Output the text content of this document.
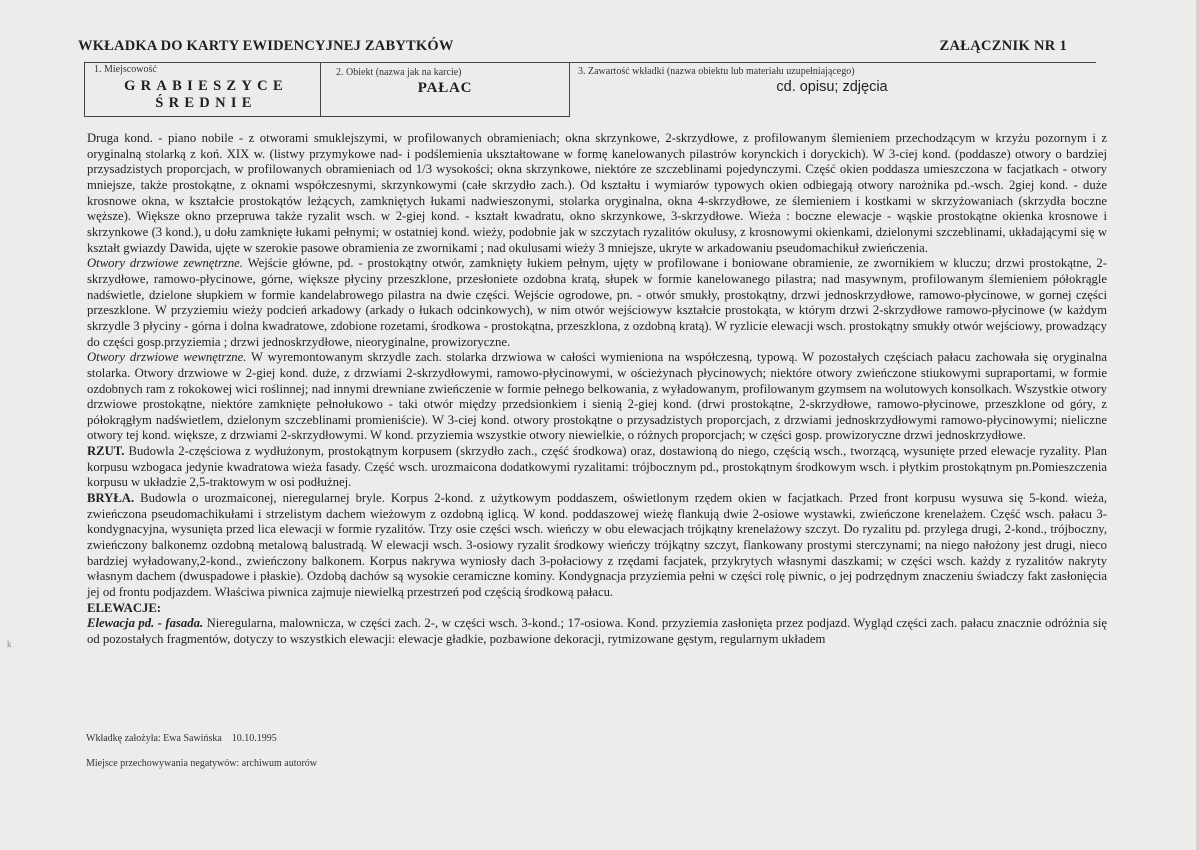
WKŁADKA DO KARTY EWIDENCYJNEJ ZABYTKÓW	ZAŁĄCZNIK NR 1
1. Miejscowość
GRABIESZYCE
ŚREDNIE
2. Obiekt (nazwa jak na karcie)
PAŁAC
3. Zawartość wkładki (nazwa obiektu lub materiału uzupełniającego)
cd. opisu; zdjęcia

Druga kond. - piano nobile - z otworami smuklejszymi, w profilowanych obramieniach; okna skrzynkowe, 2-skrzydłowe, z profilowanym ślemieniem przechodzącym w krzyżu pozornym i z oryginalną stolarką z koń. XIX w. (listwy przymykowe nad- i podślemienia ukształtowane w formę kanelowanych pilastrów korynckich i doryckich). W 3-ciej kond. (poddasze) otwory o bardziej przysadzistych proporcjach, w profilowanych obramieniach od 1/3 wysokości; okna skrzynkowe, niektóre ze szczeblinami pojedynczymi. Część okien poddasza umieszczona w facjatkach - otwory mniejsze, także prostokątne, z oknami współczesnymi, skrzynkowymi (całe skrzydło zach.). Od kształtu i wymiarów typowych okien odbiegają otwory narożnika pd.-wsch. 2giej kond. - duże krosnowe okna, w kształcie prostokątów leżących, zamkniętych łukami nadwieszonymi, stolarka oryginalna, okna 4-skrzydłowe, ze ślemieniem i kostkami w skrzyżowaniach (skrzydła boczne węższe). Większe okno przepruwa także ryzalit wsch. w 2-giej kond. - kształt kwadratu, okno skrzynkowe, 3-skrzydłowe. Wieża : boczne elewacje - wąskie prostokątne okienka krosnowe i skrzynkowe (3 kond.), u dołu zamknięte łukami pełnymi; w ostatniej kond. wieży, podobnie jak w szczytach ryzalitów okulusy, z krosnowymi okienkami, dzielonymi szczeblinami, układającymi się w kształt gwiazdy Dawida, ujęte w szerokie pasowe obramienia ze zwornikami ; nad okulusami wieży 3 mniejsze, ukryte w arkadowaniu pseudomachikuł zwieńczenia.

Otwory drzwiowe zewnętrzne. Wejście główne, pd. - prostokątny otwór, zamknięty łukiem pełnym, ujęty w profilowane i boniowane obramienie, ze zwornikiem w kluczu; drzwi prostokątne, 2-skrzydłowe, ramowo-płycinowe, górne, większe płyciny przeszklone, przesłoniete ozdobna kratą, słupek w formie kanelowanego pilastra; nad masywnym, profilowanym ślemieniem półokrągle nadświetle, dzielone słupkiem w formie kandelabrowego pilastra na dwie części. Wejście ogrodowe, pn. - otwór smukły, prostokątny, drzwi jednoskrzydłowe, ramowo-płycinowe, w gornej części przeszklone. W przyziemiu wieży podcień arkadowy (arkady o łukach odcinkowych), w nim otwór wejściowyw kształcie prostokąta, w którym drzwi 2-skrzydłowe ramowo-płycinowe (w każdym skrzydle 3 płyciny - górna i dolna kwadratowe, zdobione rozetami, środkowa - prostokątna, przeszklona, z ozdobną kratą). W ryzlicie elewacji wsch. prostokątny smukły otwór wejściowy, prowadzący do części gosp.przyziemia ; drzwi jednoskrzydłowe, nieoryginalne, prowizoryczne.

Otwory drzwiowe wewnętrzne. W wyremontowanym skrzydle zach. stolarka drzwiowa w całości wymieniona na współczesną, typową. W pozostałych częściach pałacu zachowała się oryginalna stolarka. Otwory drzwiowe w 2-giej kond. duże, z drzwiami 2-skrzydłowymi, ramowo-płycinowymi, w ościeżynach płycinowych; niektóre otwory zwieńczone stiukowymi supraportami, w formie ozdobnych ram z rokokowej wici roślinnej; nad innymi drewniane zwieńczenie w formie pełnego belkowania, z wyładowanym, profilowanym gzymsem na wolutowych konsolkach. Wszystkie otwory drzwiowe prostokątne, niektóre zamknięte pełnołukowo - taki otwór między przedsionkiem i sienią 2-giej kond. (drwi prostokątne, 2-skrzydłowe, ramowo-płycinowe, przeszklone od góry, z półokrągłym nadświetlem, dzielonym szczeblinami promieniście). W 3-ciej kond. otwory prostokątne o przysadzistych proporcjach, z drzwiami jednoskrzydłowymi ramowo-płycinowymi; nieliczne otwory tej kond. większe, z drzwiami 2-skrzydłowymi. W kond. przyziemia wszystkie otwory niewielkie, o różnych proporcjach; w części gosp. prowizoryczne drzwi jednoskrzydłowe.

RZUT. Budowla 2-częściowa z wydłużonym, prostokątnym korpusem (skrzydło zach., część środkowa) oraz, dostawioną do niego, częścią wsch., tworzącą, wysunięte przed elewacje ryzality. Plan korpusu wzbogaca jedynie kwadratowa wieża fasady. Część wsch. urozmaicona dodatkowymi ryzalitami: trójbocznym pd., prostokątnym środkowym wsch. i płytkim prostokątnym pn.Pomieszczenia korpusu w układzie 2,5-traktowym w osi podłużnej.

BRYŁA. Budowla o urozmaiconej, nieregularnej bryle. Korpus 2-kond. z użytkowym poddaszem, oświetlonym rzędem okien w facjatkach. Przed front korpusu wysuwa się 5-kond. wieża, zwieńczona pseudomachikułami i strzelistym dachem wieżowym z ozdobną iglicą. W kond. poddaszowej wieżę flankują dwie 2-osiowe wystawki, zwieńczone krenelażem. Część wsch. pałacu 3-kondygnacyjna, wysunięta przed lica elewacji w formie ryzalitów. Trzy osie części wsch. wieńczy w obu elewacjach trójkątny krenelażowy szczyt. Do ryzalitu pd. przylega drugi, 2-kond., trójboczny, zwieńczony balkonemz ozdobną metalową balustradą. W elewacji wsch. 3-osiowy ryzalit środkowy wieńczy trójkątny szczyt, flankowany prostymi sterczynami; na niego nałożony jest drugi, nieco bardziej wyładowany,2-kond., zwieńczony balkonem. Korpus nakrywa wyniosły dach 3-połaciowy z rzędami facjatek, przykrytych własnymi daszkami; w części wsch. każdy z ryzalitów nakryty własnym dachem (dwuspadowe i płaskie). Ozdobą dachów są wysokie ceramiczne kominy. Kondygnacja przyziemia pełni w części rolę piwnic, o jej podrzędnym znaczeniu świadczy fakt zasłonięcia jej od frontu podjazdem. Właściwa piwnica zajmuje niewielką przestrzeń pod częścią środkową pałacu.

ELEWACJE:

Elewacja pd. - fasada. Nieregularna, malownicza, w części zach. 2-, w części wsch. 3-kond.; 17-osiowa. Kond. przyziemia zasłonięta przez podjazd. Wygląd części zach. pałacu znacznie odróżnia się od pozostałych fragmentów, dotyczy to wszystkich elewacji: elewacje gładkie, pozbawione dekoracji, rytmizowane gęstym, regularnym układem

Wkładkę założyła: Ewa Sawińska 10.10.1995
Miejsce przechowywania negatywów: archiwum autorów
k
